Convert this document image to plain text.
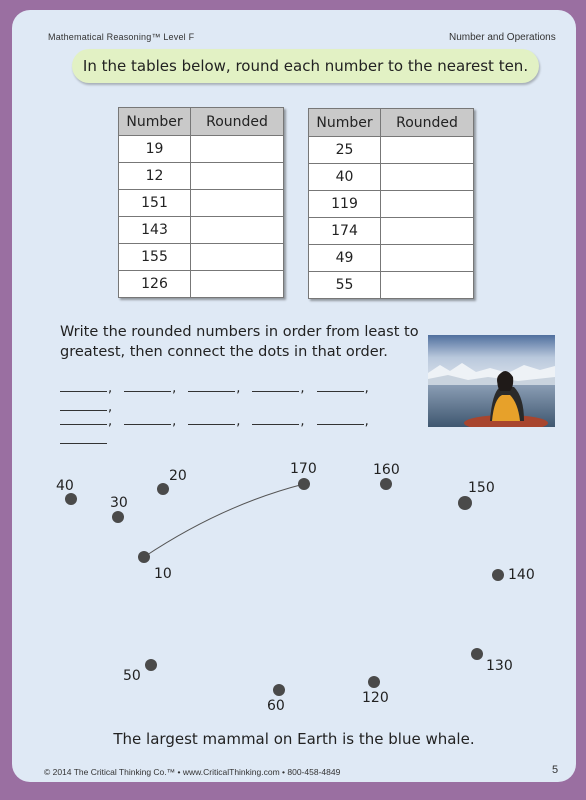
Mathematical Reasoning™ Level F	Number and Operations
In the tables below, round each number to the nearest ten.
Number	Rounded
19	
12	
151	
143	
155	
126	
Number	Rounded
25	
40	
119	
174	
49	
55	
Write the rounded numbers in order from least to greatest, then connect the dots in that order.
,	,	,	,	,,
,	,	,	,	,
40
30
20
10
170	160
150
140
130
120
60
50
The largest mammal on Earth is the blue whale.
© 2014 The Critical Thinking Co.™ • www.CriticalThinking.com • 800-458-4849	5
